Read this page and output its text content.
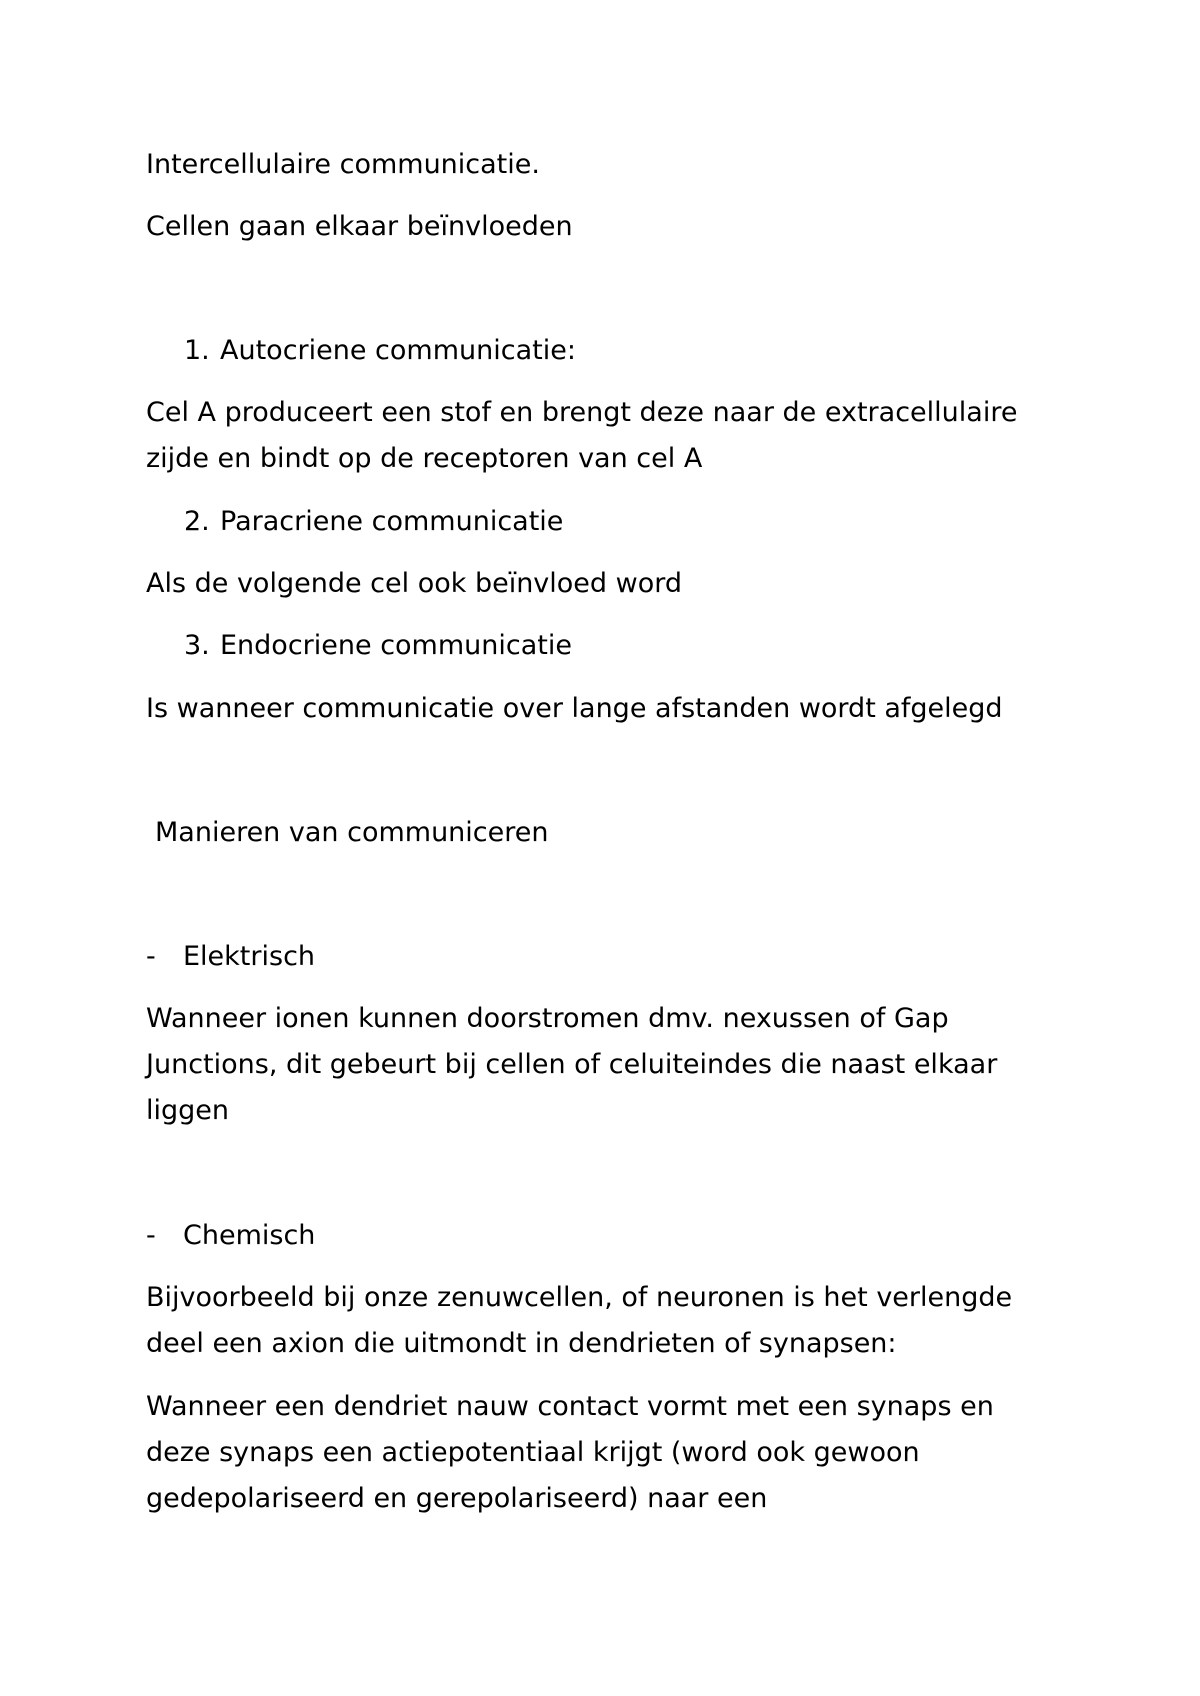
Intercellulaire communicatie.

Cellen gaan elkaar beïnvloeden

1. Autocriene communicatie:

Cel A produceert een stof en brengt deze naar de extracellulaire

zijde en bindt op de receptoren van cel A

2. Paracriene communicatie

Als de volgende cel ook beïnvloed word

3. Endocriene communicatie

Is wanneer communicatie over lange afstanden wordt afgelegd

Manieren van communiceren
- Elektrisch

Wanneer ionen kunnen doorstromen dmv. nexussen of Gap

Junctions, dit gebeurt bij cellen of celuiteindes die naast elkaar

liggen

- Chemisch

Bijvoorbeeld bij onze zenuwcellen, of neuronen is het verlengde

deel een axion die uitmondt in dendrieten of synapsen:

Wanneer een dendriet nauw contact vormt met een synaps en

deze synaps een actiepotentiaal krijgt (word ook gewoon

gedepolariseerd en gerepolariseerd) naar een
